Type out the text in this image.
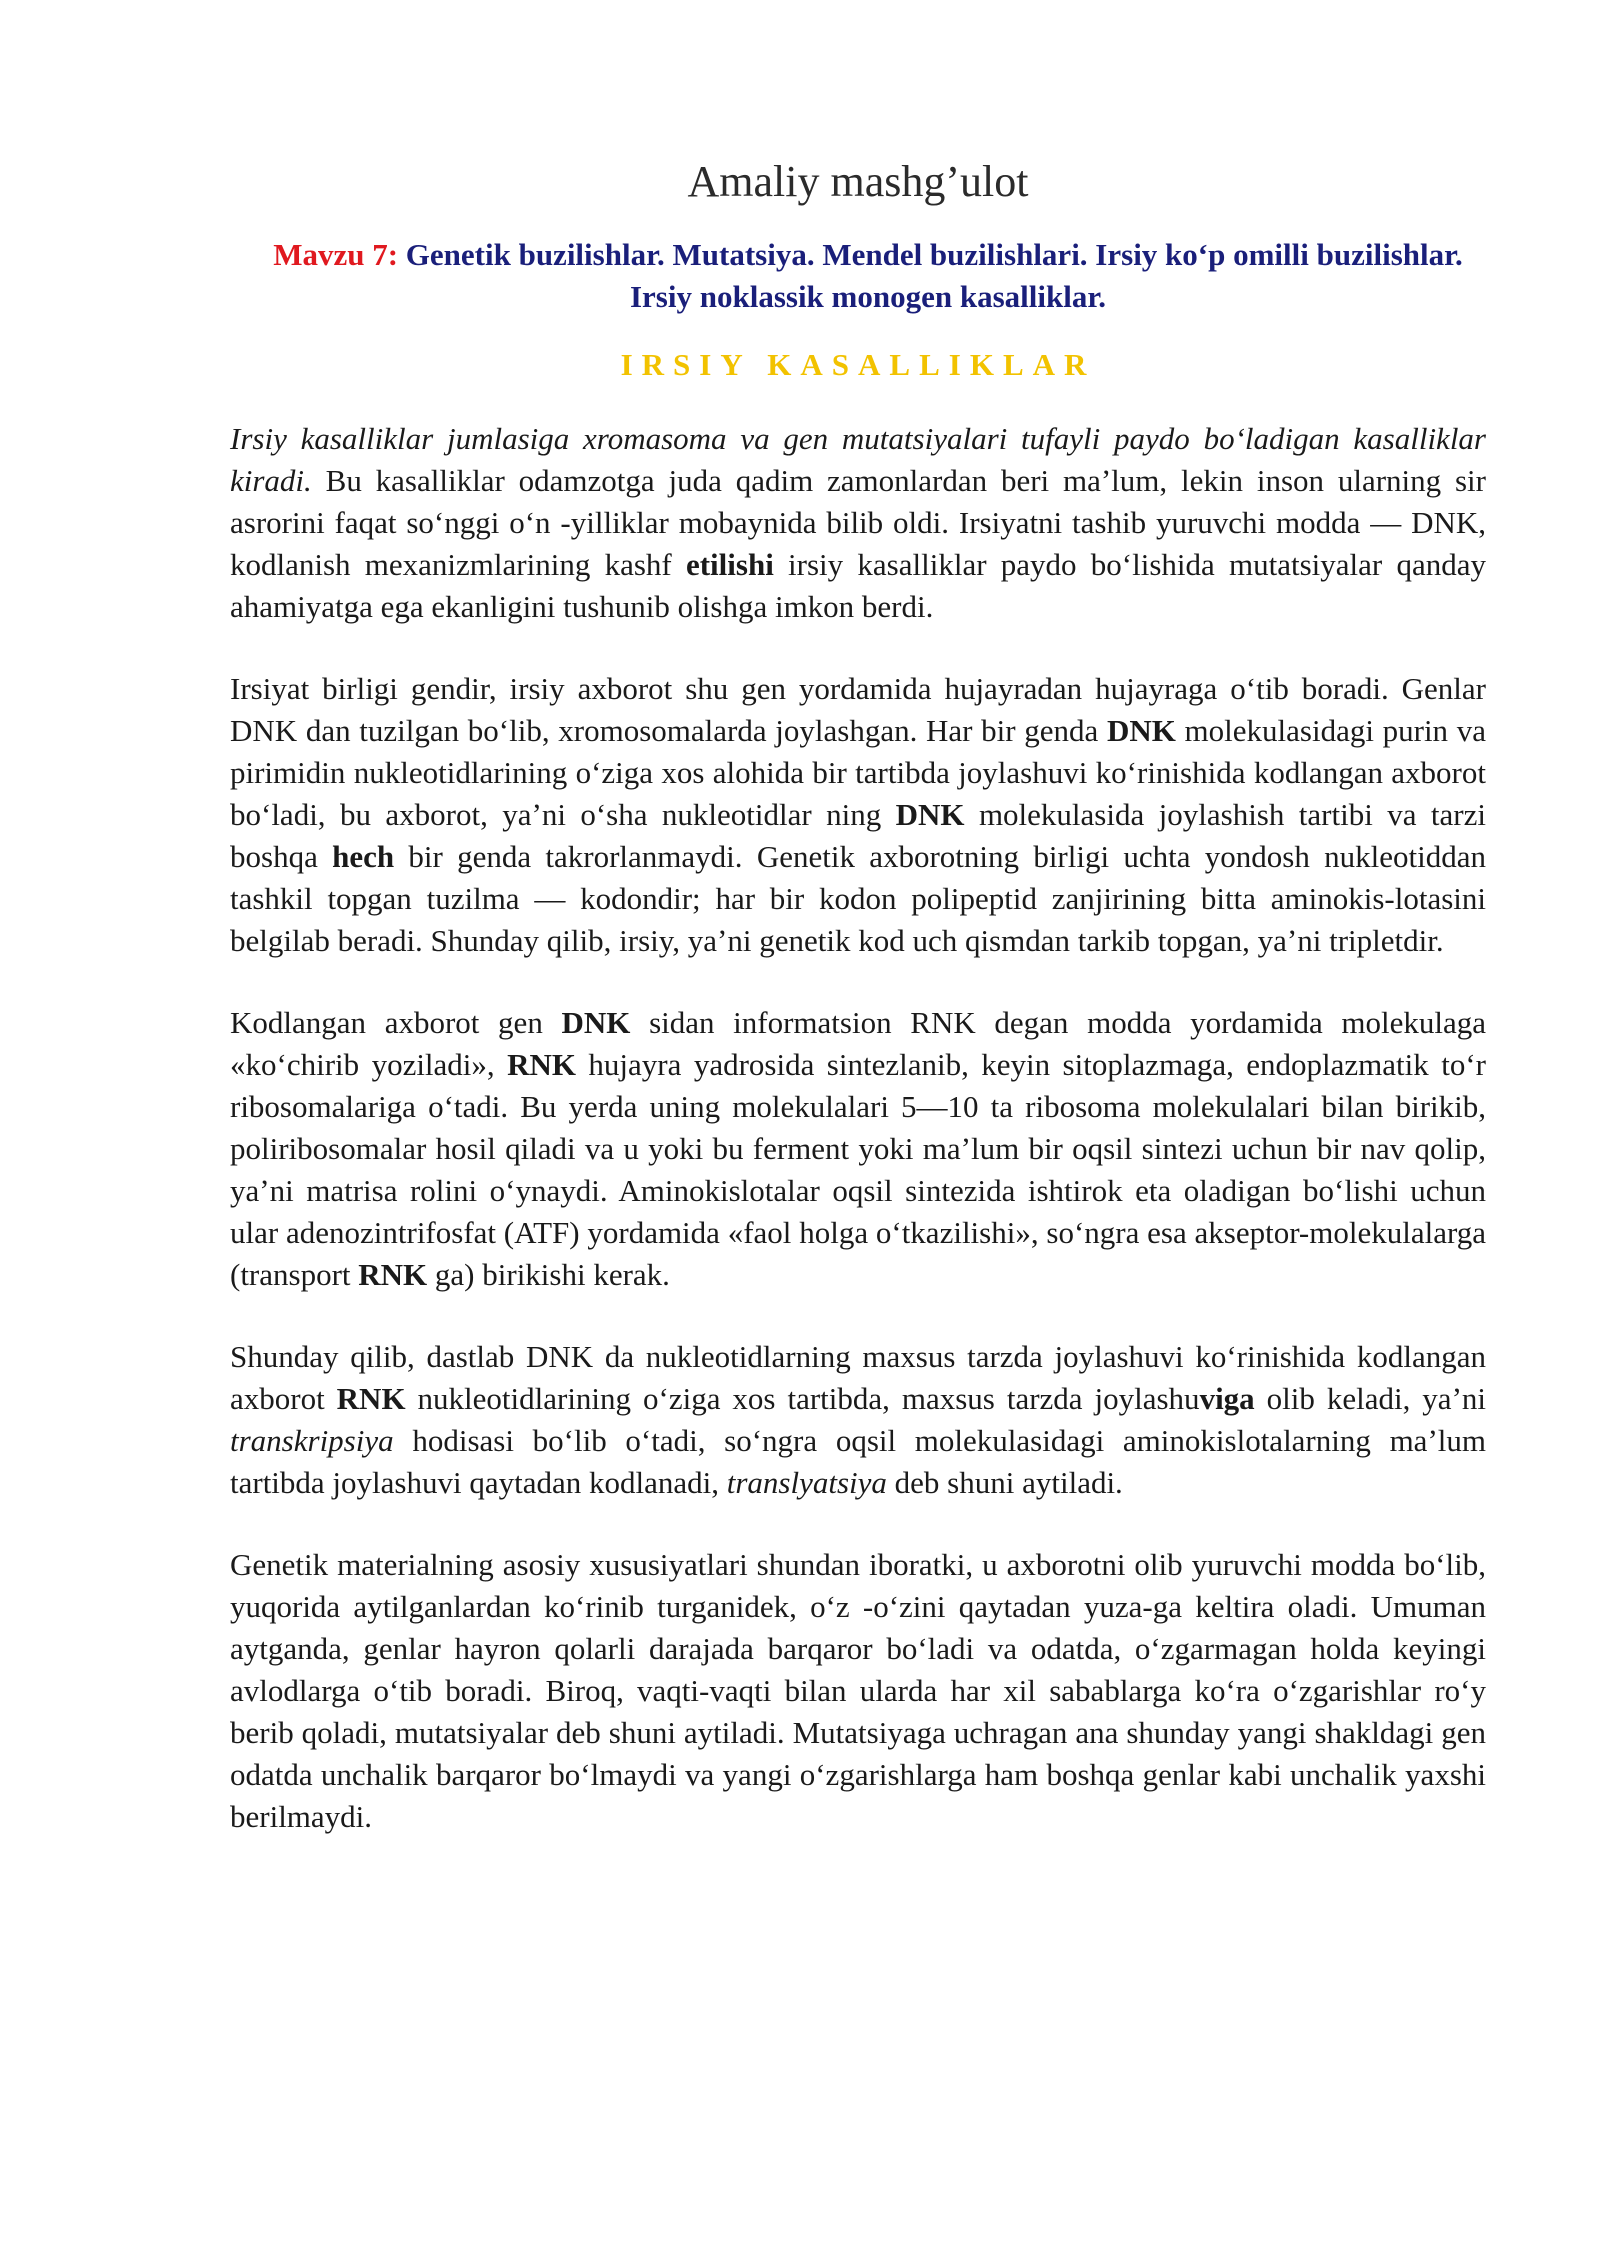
Amaliy mashg’ulot

Mavzu 7: Genetik buzilishlar. Mutatsiya. Mendel buzilishlari. Irsiy koʻp omilli buzilishlar. Irsiy noklassik monogen kasalliklar.

IRSIY KASALLIKLAR

Irsiy kasalliklar jumlasiga xromasoma va gen mutatsiyalari tufayli paydo boʻladigan kasalliklar kiradi. Bu kasalliklar odamzotga juda qadim zamonlardan beri maʼlum, lekin inson ularning sir asrorini faqat soʻnggi oʻn -yilliklar mobaynida bilib oldi. Irsiyatni tashib yuruvchi modda — DNK, kodlanish mexanizmlarining kashf etilishi irsiy kasalliklar paydo boʻlishida mutatsiyalar qanday ahamiyatga ega ekanligini tushunib olishga imkon berdi.

Irsiyat birligi gendir, irsiy axborot shu gen yordamida hujayradan hujayraga oʻtib boradi. Genlar DNK dan tuzilgan boʻlib, xromosomalarda joylashgan. Har bir genda DNK molekulasidagi purin va pirimidin nukleotidlarining oʻziga xos alohida bir tartibda joylashuvi koʻrinishida kodlangan axborot boʻladi, bu axborot, yaʼni oʻsha nukleotidlar ning DNK molekulasida joylashish tartibi va tarzi boshqa hech bir genda takrorlanmaydi. Genetik axborotning birligi uchta yondosh nukleotiddan tashkil topgan tuzilma — kodondir; har bir kodon polipeptid zanjirining bitta aminokis-lotasini belgilab beradi. Shunday qilib, irsiy, yaʼni genetik kod uch qismdan tarkib topgan, yaʼni tripletdir.

Kodlangan axborot gen DNK sidan informatsion RNK degan modda yordamida molekulaga «koʻchirib yoziladi», RNK hujayra yadrosida sintezlanib, keyin sitoplazmaga, endoplazmatik toʻr ribosomalariga oʻtadi. Bu yerda uning molekulalari 5—10 ta ribosoma molekulalari bilan birikib, poliribosomalar hosil qiladi va u yoki bu ferment yoki maʼlum bir oqsil sintezi uchun bir nav qolip, yaʼni matrisa rolini oʻynaydi. Aminokislotalar oqsil sintezida ishtirok eta oladigan boʻlishi uchun ular adenozintrifosfat (ATF) yordamida «faol holga oʻtkazilishi», soʻngra esa akseptor-molekulalarga (transport RNK ga) birikishi kerak.

Shunday qilib, dastlab DNK da nukleotidlarning maxsus tarzda joylashuvi koʻrinishida kodlangan axborot RNK nukleotidlarining oʻziga xos tartibda, maxsus tarzda joylashuviga olib keladi, yaʼni transkripsiya hodisasi boʻlib oʻtadi, soʻngra oqsil molekulasidagi aminokislotalarning maʼlum tartibda joylashuvi qaytadan kodlanadi, translyatsiya deb shuni aytiladi.

Genetik materialning asosiy xususiyatlari shundan iboratki, u axborotni olib yuruvchi modda boʻlib, yuqorida aytilganlardan koʻrinib turganidek, oʻz -oʻzini qaytadan yuza-ga keltira oladi. Umuman aytganda, genlar hayron qolarli darajada barqaror boʻladi va odatda, oʻzgarmagan holda keyingi avlodlarga oʻtib boradi. Biroq, vaqti-vaqti bilan ularda har xil sabablarga koʻra oʻzgarishlar roʻy berib qoladi, mutatsiyalar deb shuni aytiladi. Mutatsiyaga uchragan ana shunday yangi shakldagi gen odatda unchalik barqaror boʻlmaydi va yangi oʻzgarishlarga ham boshqa genlar kabi unchalik yaxshi berilmaydi.
